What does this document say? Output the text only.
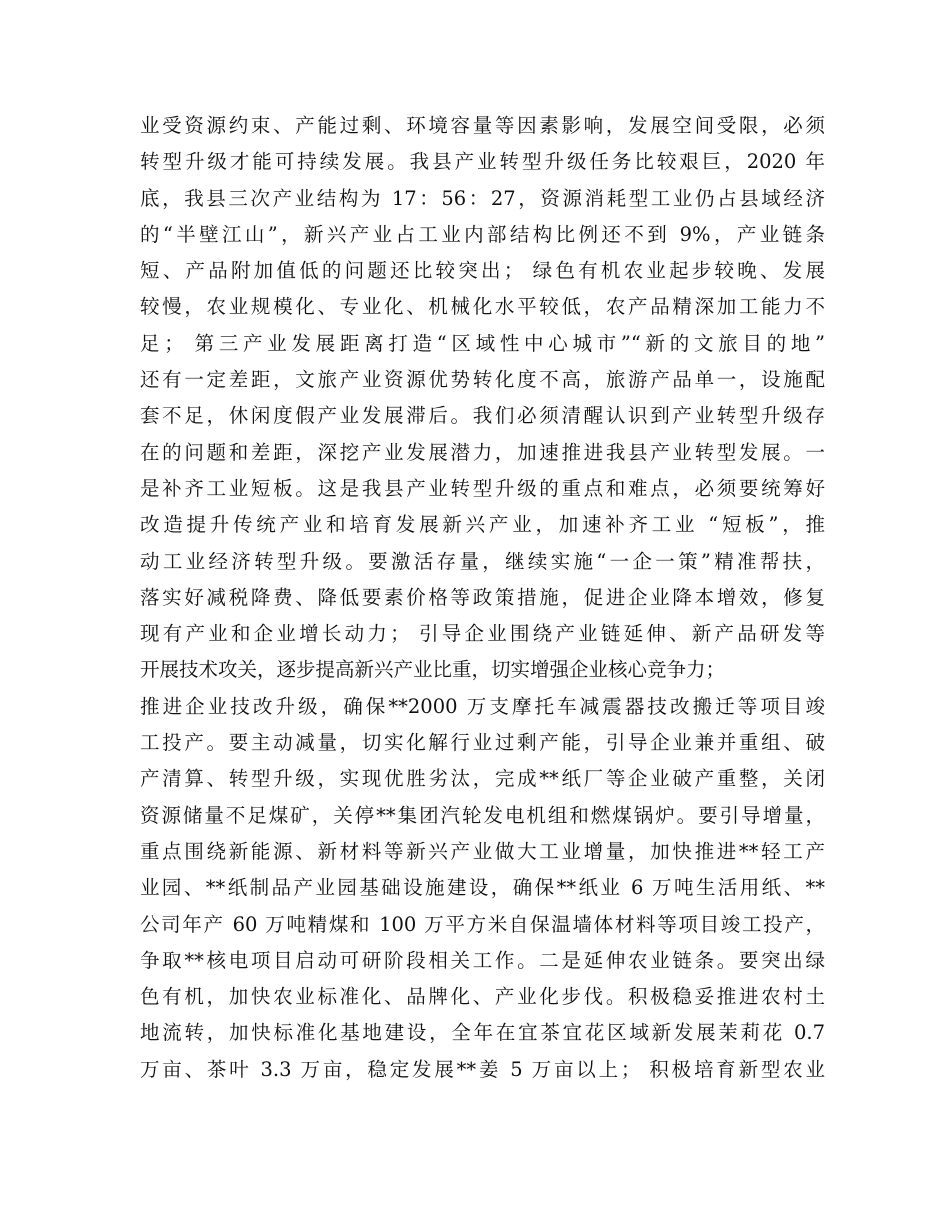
业受资源约束、产能过剩、环境容量等因素影响，发展空间受限，必须
转型升级才能可持续发展。我县产业转型升级任务比较艰巨，2020 年
底，我县三次产业结构为 17：56：27，资源消耗型工业仍占县域经济
的“半壁江山”，新兴产业占工业内部结构比例还不到 9%，产业链条
短、产品附加值低的问题还比较突出； 绿色有机农业起步较晚、发展
较慢，农业规模化、专业化、机械化水平较低，农产品精深加工能力不
足； 第三产业发展距离打造“区域性中心城市”“新的文旅目的地”
还有一定差距，文旅产业资源优势转化度不高，旅游产品单一，设施配
套不足，休闲度假产业发展滞后。我们必须清醒认识到产业转型升级存
在的问题和差距，深挖产业发展潜力，加速推进我县产业转型发展。一
是补齐工业短板。这是我县产业转型升级的重点和难点，必须要统筹好
改造提升传统产业和培育发展新兴产业，加速补齐工业 “短板”，推
动工业经济转型升级。要激活存量，继续实施“一企一策”精准帮扶，
落实好减税降费、降低要素价格等政策措施，促进企业降本增效，修复
现有产业和企业增长动力； 引导企业围绕产业链延伸、新产品研发等
开展技术攻关，逐步提高新兴产业比重，切实增强企业核心竞争力；
推进企业技改升级，确保**2000 万支摩托车减震器技改搬迁等项目竣
工投产。要主动减量，切实化解行业过剩产能，引导企业兼并重组、破
产清算、转型升级，实现优胜劣汰，完成**纸厂等企业破产重整，关闭
资源储量不足煤矿，关停**集团汽轮发电机组和燃煤锅炉。要引导增量，
重点围绕新能源、新材料等新兴产业做大工业增量，加快推进**轻工产
业园、**纸制品产业园基础设施建设，确保**纸业 6 万吨生活用纸、**
公司年产 60 万吨精煤和 100 万平方米自保温墙体材料等项目竣工投产，
争取**核电项目启动可研阶段相关工作。二是延伸农业链条。要突出绿
色有机，加快农业标准化、品牌化、产业化步伐。积极稳妥推进农村土
地流转，加快标准化基地建设，全年在宜茶宜花区域新发展茉莉花 0.7
万亩、茶叶 3.3 万亩，稳定发展**姜 5 万亩以上； 积极培育新型农业
